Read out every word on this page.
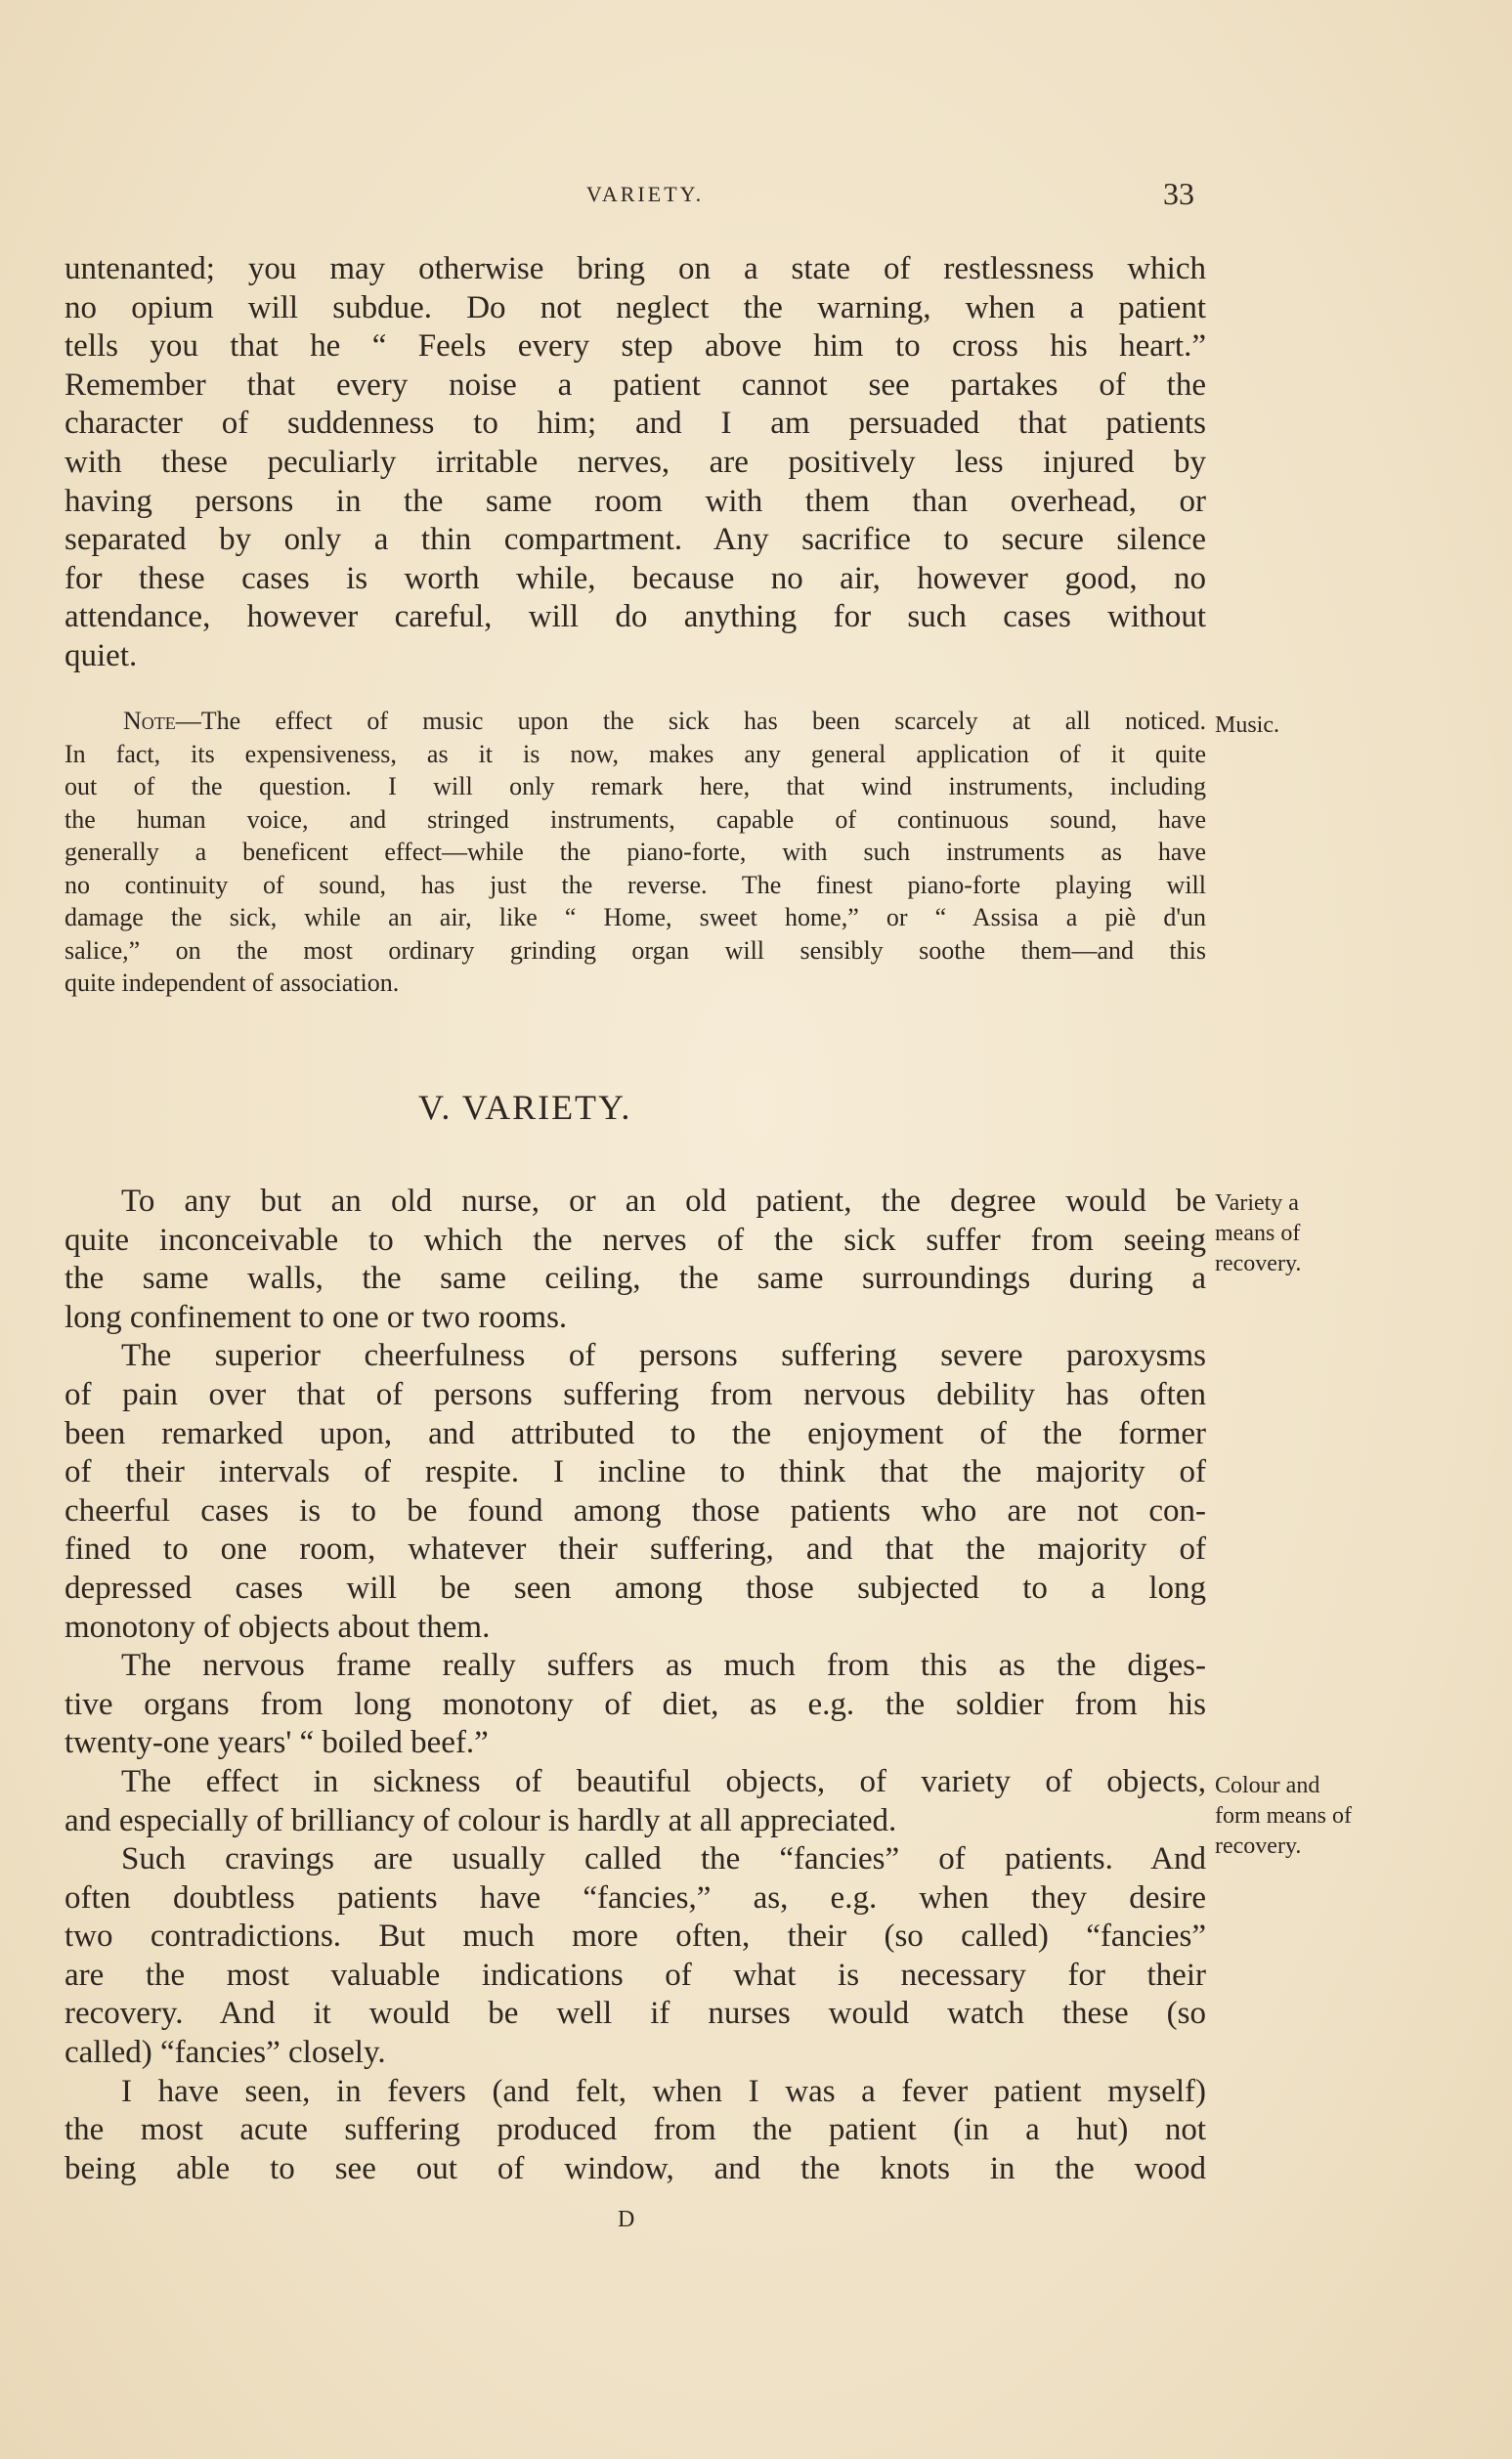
VARIETY.	33
untenanted; you may otherwise bring on a state of restlessness which
no opium will subdue. Do not neglect the warning, when a patient
tells you that he “ Feels every step above him to cross his heart.”
Remember that every noise a patient cannot see partakes of the
character of suddenness to him; and I am persuaded that patients
with these peculiarly irritable nerves, are positively less injured by
having persons in the same room with them than overhead, or
separated by only a thin compartment. Any sacrifice to secure silence
for these cases is worth while, because no air, however good, no
attendance, however careful, will do anything for such cases without
quiet.
Note—The effect of music upon the sick has been scarcely at all noticed.
In fact, its expensiveness, as it is now, makes any general application of it quite
out of the question. I will only remark here, that wind instruments, including
the human voice, and stringed instruments, capable of continuous sound, have
generally a beneficent effect—while the piano-forte, with such instruments as have
no continuity of sound, has just the reverse. The finest piano-forte playing will
damage the sick, while an air, like “ Home, sweet home,” or “ Assisa a piè d'un
salice,” on the most ordinary grinding organ will sensibly soothe them—and this
quite independent of association.
Music.
V. VARIETY.
To any but an old nurse, or an old patient, the degree would be
quite inconceivable to which the nerves of the sick suffer from seeing
the same walls, the same ceiling, the same surroundings during a
long confinement to one or two rooms.
The superior cheerfulness of persons suffering severe paroxysms
of pain over that of persons suffering from nervous debility has often
been remarked upon, and attributed to the enjoyment of the former
of their intervals of respite. I incline to think that the majority of
cheerful cases is to be found among those patients who are not con-
fined to one room, whatever their suffering, and that the majority of
depressed cases will be seen among those subjected to a long
monotony of objects about them.
The nervous frame really suffers as much from this as the diges-
tive organs from long monotony of diet, as e.g. the soldier from his
twenty-one years' “ boiled beef.”
The effect in sickness of beautiful objects, of variety of objects,
and especially of brilliancy of colour is hardly at all appreciated.
Such cravings are usually called the “fancies” of patients. And
often doubtless patients have “fancies,” as, e.g. when they desire
two contradictions. But much more often, their (so called) “fancies”
are the most valuable indications of what is necessary for their
recovery. And it would be well if nurses would watch these (so
called) “fancies” closely.
I have seen, in fevers (and felt, when I was a fever patient myself)
the most acute suffering produced from the patient (in a hut) not
being able to see out of window, and the knots in the wood
Variety a
means of
recovery.
Colour and
form means of
recovery.
D
